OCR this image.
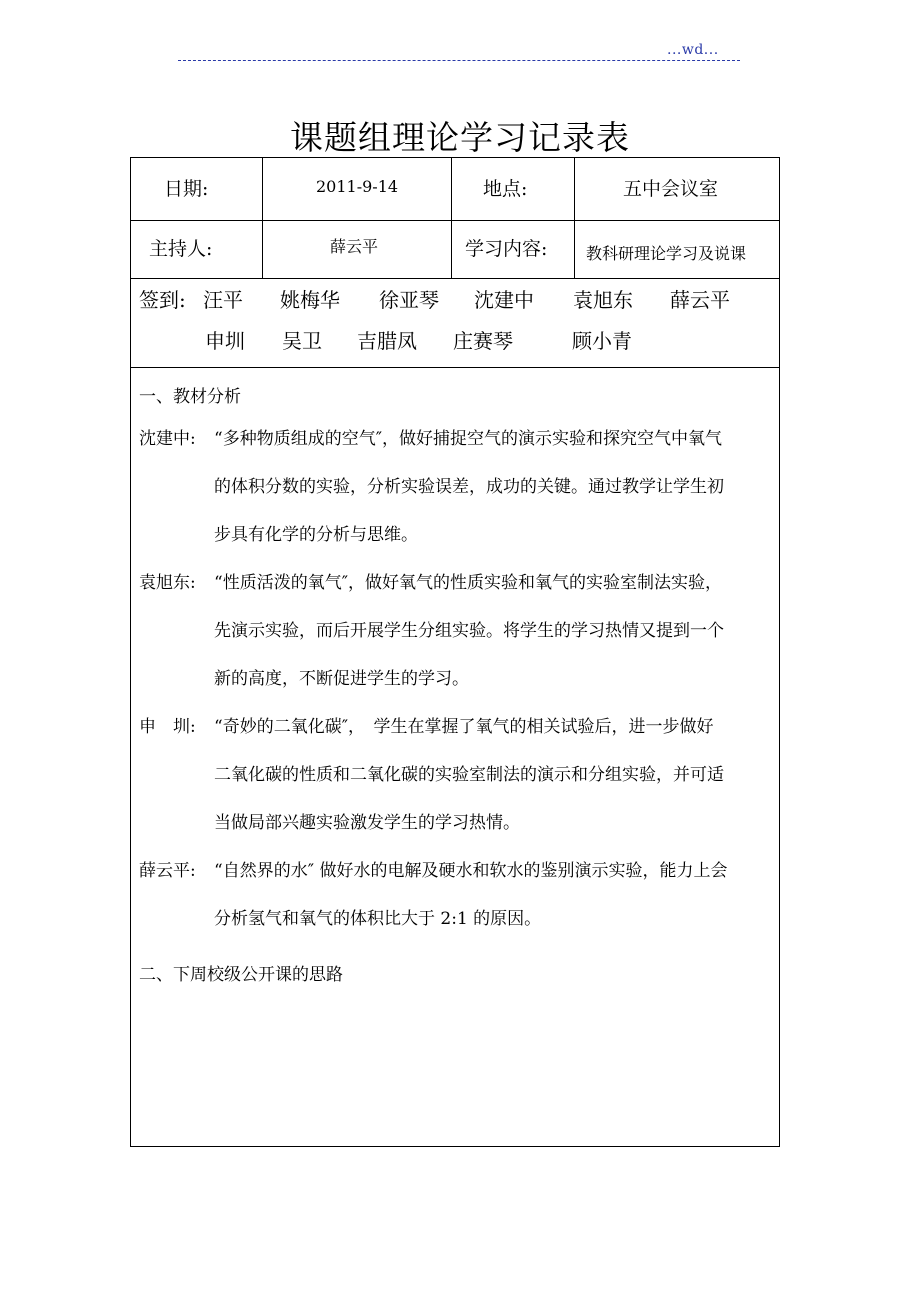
...wd...
课题组理论学习记录表
日期:	2011-9-14	地点:	五中会议室
主持人:	薛云平	学习内容: 教科研理论学习及说课
签到: 汪平 姚梅华 徐亚琴 沈建中 袁旭东 薛云平
申圳 吴卫 吉腊凤 庄赛琴	顾小青
一、教材分析
沈建中: “多种物质组成的空气″，做好捕捉空气的演示实验和探究空气中氧气
的体积分数的实验，分析实验误差，成功的关键。通过教学让学生初
步具有化学的分析与思维。
袁旭东: “性质活泼的氧气″，做好氧气的性质实验和氧气的实验室制法实验，
先演示实验，而后开展学生分组实验。将学生的学习热情又提到一个
新的高度，不断促进学生的学习。
申　圳: “奇妙的二氧化碳″，　学生在掌握了氧气的相关试验后，进一步做好
二氧化碳的性质和二氧化碳的实验室制法的演示和分组实验，并可适
当做局部兴趣实验激发学生的学习热情。
薛云平: “自然界的水″ 做好水的电解及硬水和软水的鉴别演示实验，能力上会
分析氢气和氧气的体积比大于 2:1 的原因。
二、下周校级公开课的思路
